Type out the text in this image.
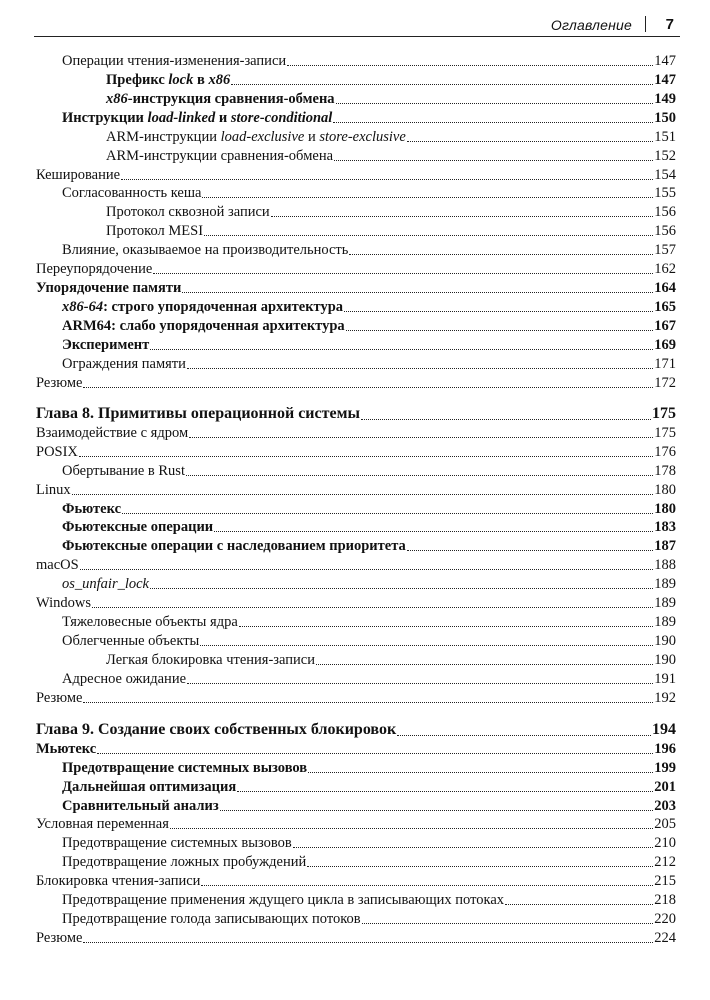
Оглавление 7
Операции чтения-изменения-записи	147
Префикс lock в x86	147
x86-инструкция сравнения-обмена	149
Инструкции load-linked и store-conditional	150
ARM-инструкции load-exclusive и store-exclusive	151
ARM-инструкции сравнения-обмена	152
Кеширование	154
Согласованность кеша	155
Протокол сквозной записи	156
Протокол MESI	156
Влияние, оказываемое на производительность	157
Переупорядочение	162
Упорядочение памяти	164
x86-64: строго упорядоченная архитектура	165
ARM64: слабо упорядоченная архитектура	167
Эксперимент	169
Ограждения памяти	171
Резюме	172
Глава 8. Примитивы операционной системы	175
Взаимодействие с ядром	175
POSIX	176
Обертывание в Rust	178
Linux	180
Фьютекс	180
Фьютексные операции	183
Фьютексные операции с наследованием приоритета	187
macOS	188
os_unfair_lock	189
Windows	189
Тяжеловесные объекты ядра	189
Облегченные объекты	190
Легкая блокировка чтения-записи	190
Адресное ожидание	191
Резюме	192
Глава 9. Создание своих собственных блокировок	194
Мьютекс	196
Предотвращение системных вызовов	199
Дальнейшая оптимизация	201
Сравнительный анализ	203
Условная переменная	205
Предотвращение системных вызовов	210
Предотвращение ложных пробуждений	212
Блокировка чтения-записи	215
Предотвращение применения ждущего цикла в записывающих потоках	218
Предотвращение голода записывающих потоков	220
Резюме	224
